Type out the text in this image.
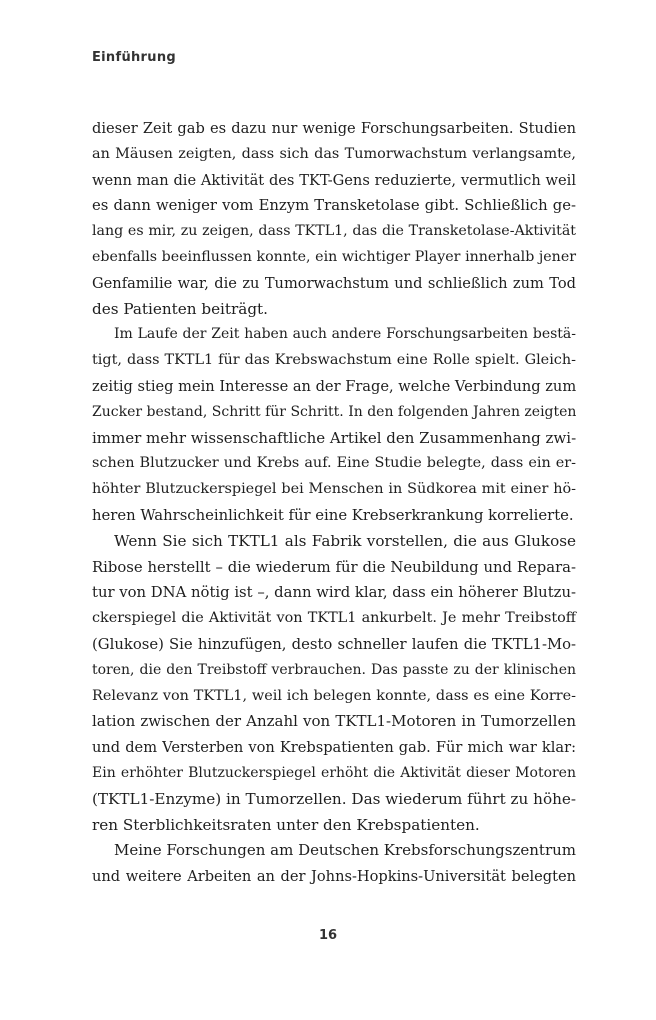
Einführung
dieser Zeit gab es dazu nur wenige Forschungsarbeiten. Studien
an Mäusen zeigten, dass sich das Tumorwachstum verlangsamte,
wenn man die Aktivität des TKT-Gens reduzierte, vermutlich weil
es dann weniger vom Enzym Transketolase gibt. Schließlich ge-
lang es mir, zu zeigen, dass TKTL1, das die Transketolase-Aktivität
ebenfalls beeinflussen konnte, ein wichtiger Player innerhalb jener
Genfamilie war, die zu Tumorwachstum und schließlich zum Tod
des Patienten beiträgt.
Im Laufe der Zeit haben auch andere Forschungsarbeiten bestä-
tigt, dass TKTL1 für das Krebswachstum eine Rolle spielt. Gleich-
zeitig stieg mein Interesse an der Frage, welche Verbindung zum
Zucker bestand, Schritt für Schritt. In den folgenden Jahren zeigten
immer mehr wissenschaftliche Artikel den Zusammenhang zwi-
schen Blutzucker und Krebs auf. Eine Studie belegte, dass ein er-
höhter Blutzuckerspiegel bei Menschen in Südkorea mit einer hö-
heren Wahrscheinlichkeit für eine Krebserkrankung korrelierte.
Wenn Sie sich TKTL1 als Fabrik vorstellen, die aus Glukose
Ribose herstellt – die wiederum für die Neubildung und Repara-
tur von DNA nötig ist –, dann wird klar, dass ein höherer Blutzu-
ckerspiegel die Aktivität von TKTL1 ankurbelt. Je mehr Treibstoff
(Glukose) Sie hinzufügen, desto schneller laufen die TKTL1-Mo-
toren, die den Treibstoff verbrauchen. Das passte zu der klinischen
Relevanz von TKTL1, weil ich belegen konnte, dass es eine Korre-
lation zwischen der Anzahl von TKTL1-Motoren in Tumorzellen
und dem Versterben von Krebspatienten gab. Für mich war klar:
Ein erhöhter Blutzuckerspiegel erhöht die Aktivität dieser Motoren
(TKTL1-Enzyme) in Tumorzellen. Das wiederum führt zu höhe-
ren Sterblichkeitsraten unter den Krebspatienten.
Meine Forschungen am Deutschen Krebsforschungszentrum
und weitere Arbeiten an der Johns-Hopkins-Universität belegten
16
